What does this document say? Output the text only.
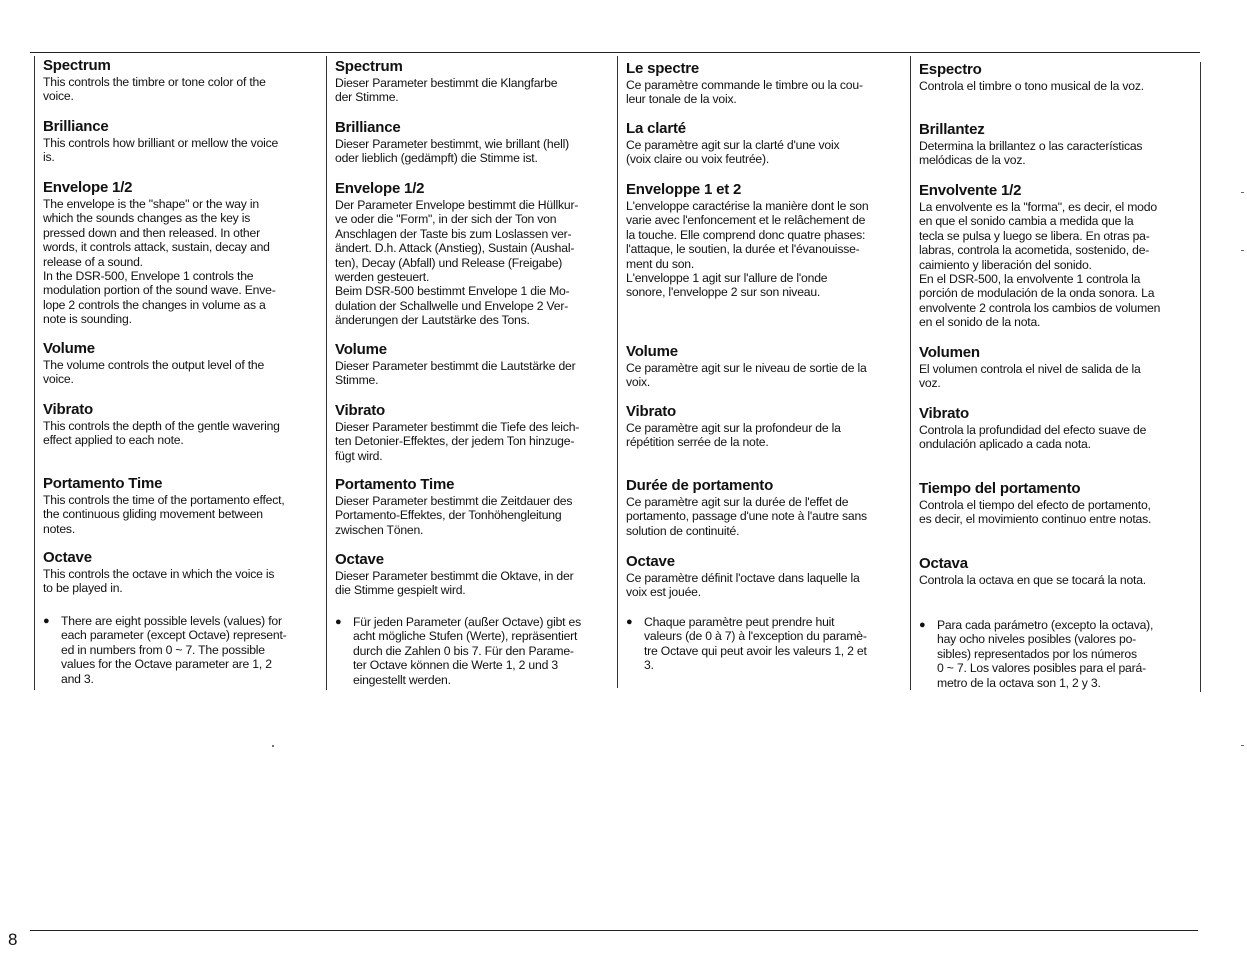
Spectrum

This controls the timbre or tone color of the
voice.

Brilliance

This controls how brilliant or mellow the voice
is.

Envelope 1/2

The envelope is the "shape" or the way in
which the sounds changes as the key is
pressed down and then released. In other
words, it controls attack, sustain, decay and
release of a sound.
In the DSR-500, Envelope 1 controls the
modulation portion of the sound wave. Enve-
lope 2 controls the changes in volume as a
note is sounding.

Volume

The volume controls the output level of the
voice.

Vibrato

This controls the depth of the gentle wavering
effect applied to each note.

Portamento Time

This controls the time of the portamento effect,
the continuous gliding movement between
notes.

Octave

This controls the octave in which the voice is
to be played in.

● There are eight possible levels (values) for
each parameter (except Octave) represent-
ed in numbers from 0 ~ 7. The possible
values for the Octave parameter are 1, 2
and 3.

Spectrum

Dieser Parameter bestimmt die Klangfarbe
der Stimme.

Brilliance

Dieser Parameter bestimmt, wie brillant (hell)
oder lieblich (gedämpft) die Stimme ist.

Envelope 1/2

Der Parameter Envelope bestimmt die Hüllkur-
ve oder die "Form", in der sich der Ton von
Anschlagen der Taste bis zum Loslassen ver-
ändert. D.h. Attack (Anstieg), Sustain (Aushal-
ten), Decay (Abfall) und Release (Freigabe)
werden gesteuert.
Beim DSR-500 bestimmt Envelope 1 die Mo-
dulation der Schallwelle und Envelope 2 Ver-
änderungen der Lautstärke des Tons.

Volume

Dieser Parameter bestimmt die Lautstärke der
Stimme.

Vibrato

Dieser Parameter bestimmt die Tiefe des leich-
ten Detonier-Effektes, der jedem Ton hinzuge-
fügt wird.

Portamento Time

Dieser Parameter bestimmt die Zeitdauer des
Portamento-Effektes, der Tonhöhengleitung
zwischen Tönen.

Octave

Dieser Parameter bestimmt die Oktave, in der
die Stimme gespielt wird.

● Für jeden Parameter (außer Octave) gibt es
acht mögliche Stufen (Werte), repräsentiert
durch die Zahlen 0 bis 7. Für den Parame-
ter Octave können die Werte 1, 2 und 3
eingestellt werden.

Le spectre

Ce paramètre commande le timbre ou la cou-
leur tonale de la voix.

La clarté

Ce paramètre agit sur la clarté d'une voix
(voix claire ou voix feutrée).

Enveloppe 1 et 2

L'enveloppe caractérise la manière dont le son
varie avec l'enfoncement et le relâchement de
la touche. Elle comprend donc quatre phases:
l'attaque, le soutien, la durée et l'évanouisse-
ment du son.
L'enveloppe 1 agit sur l'allure de l'onde
sonore, l'enveloppe 2 sur son niveau.

Volume

Ce paramètre agit sur le niveau de sortie de la
voix.

Vibrato

Ce paramètre agit sur la profondeur de la
répétition serrée de la note.

Durée de portamento

Ce paramètre agit sur la durée de l'effet de
portamento, passage d'une note à l'autre sans
solution de continuité.

Octave

Ce paramètre définit l'octave dans laquelle la
voix est jouée.

● Chaque paramètre peut prendre huit
valeurs (de 0 à 7) à l'exception du paramè-
tre Octave qui peut avoir les valeurs 1, 2 et
3.

Espectro

Controla el timbre o tono musical de la voz.

Brillantez

Determina la brillantez o las características
melódicas de la voz.

Envolvente 1/2

La envolvente es la "forma", es decir, el modo
en que el sonido cambia a medida que la
tecla se pulsa y luego se libera. En otras pa-
labras, controla la acometida, sostenido, de-
caimiento y liberación del sonido.
En el DSR-500, la envolvente 1 controla la
porción de modulación de la onda sonora. La
envolvente 2 controla los cambios de volumen
en el sonido de la nota.

Volumen

El volumen controla el nivel de salida de la
voz.

Vibrato

Controla la profundidad del efecto suave de
ondulación aplicado a cada nota.

Tiempo del portamento

Controla el tiempo del efecto de portamento,
es decir, el movimiento continuo entre notas.

Octava

Controla la octava en que se tocará la nota.

● Para cada parámetro (excepto la octava),
hay ocho niveles posibles (valores po-
sibles) representados por los números
0 ~ 7. Los valores posibles para el pará-
metro de la octava son 1, 2 y 3.

8
